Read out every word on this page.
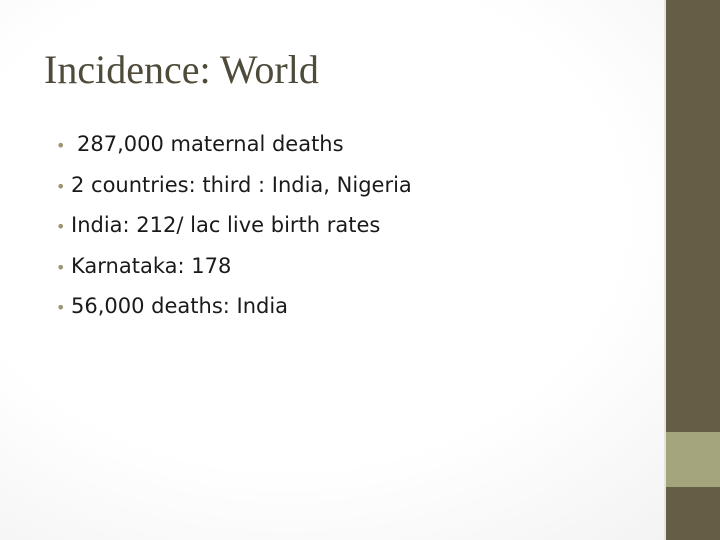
Incidence: World
• 287,000 maternal deaths
• 2 countries: third : India, Nigeria
• India: 212/ lac live birth rates
• Karnataka: 178
• 56,000 deaths: India
